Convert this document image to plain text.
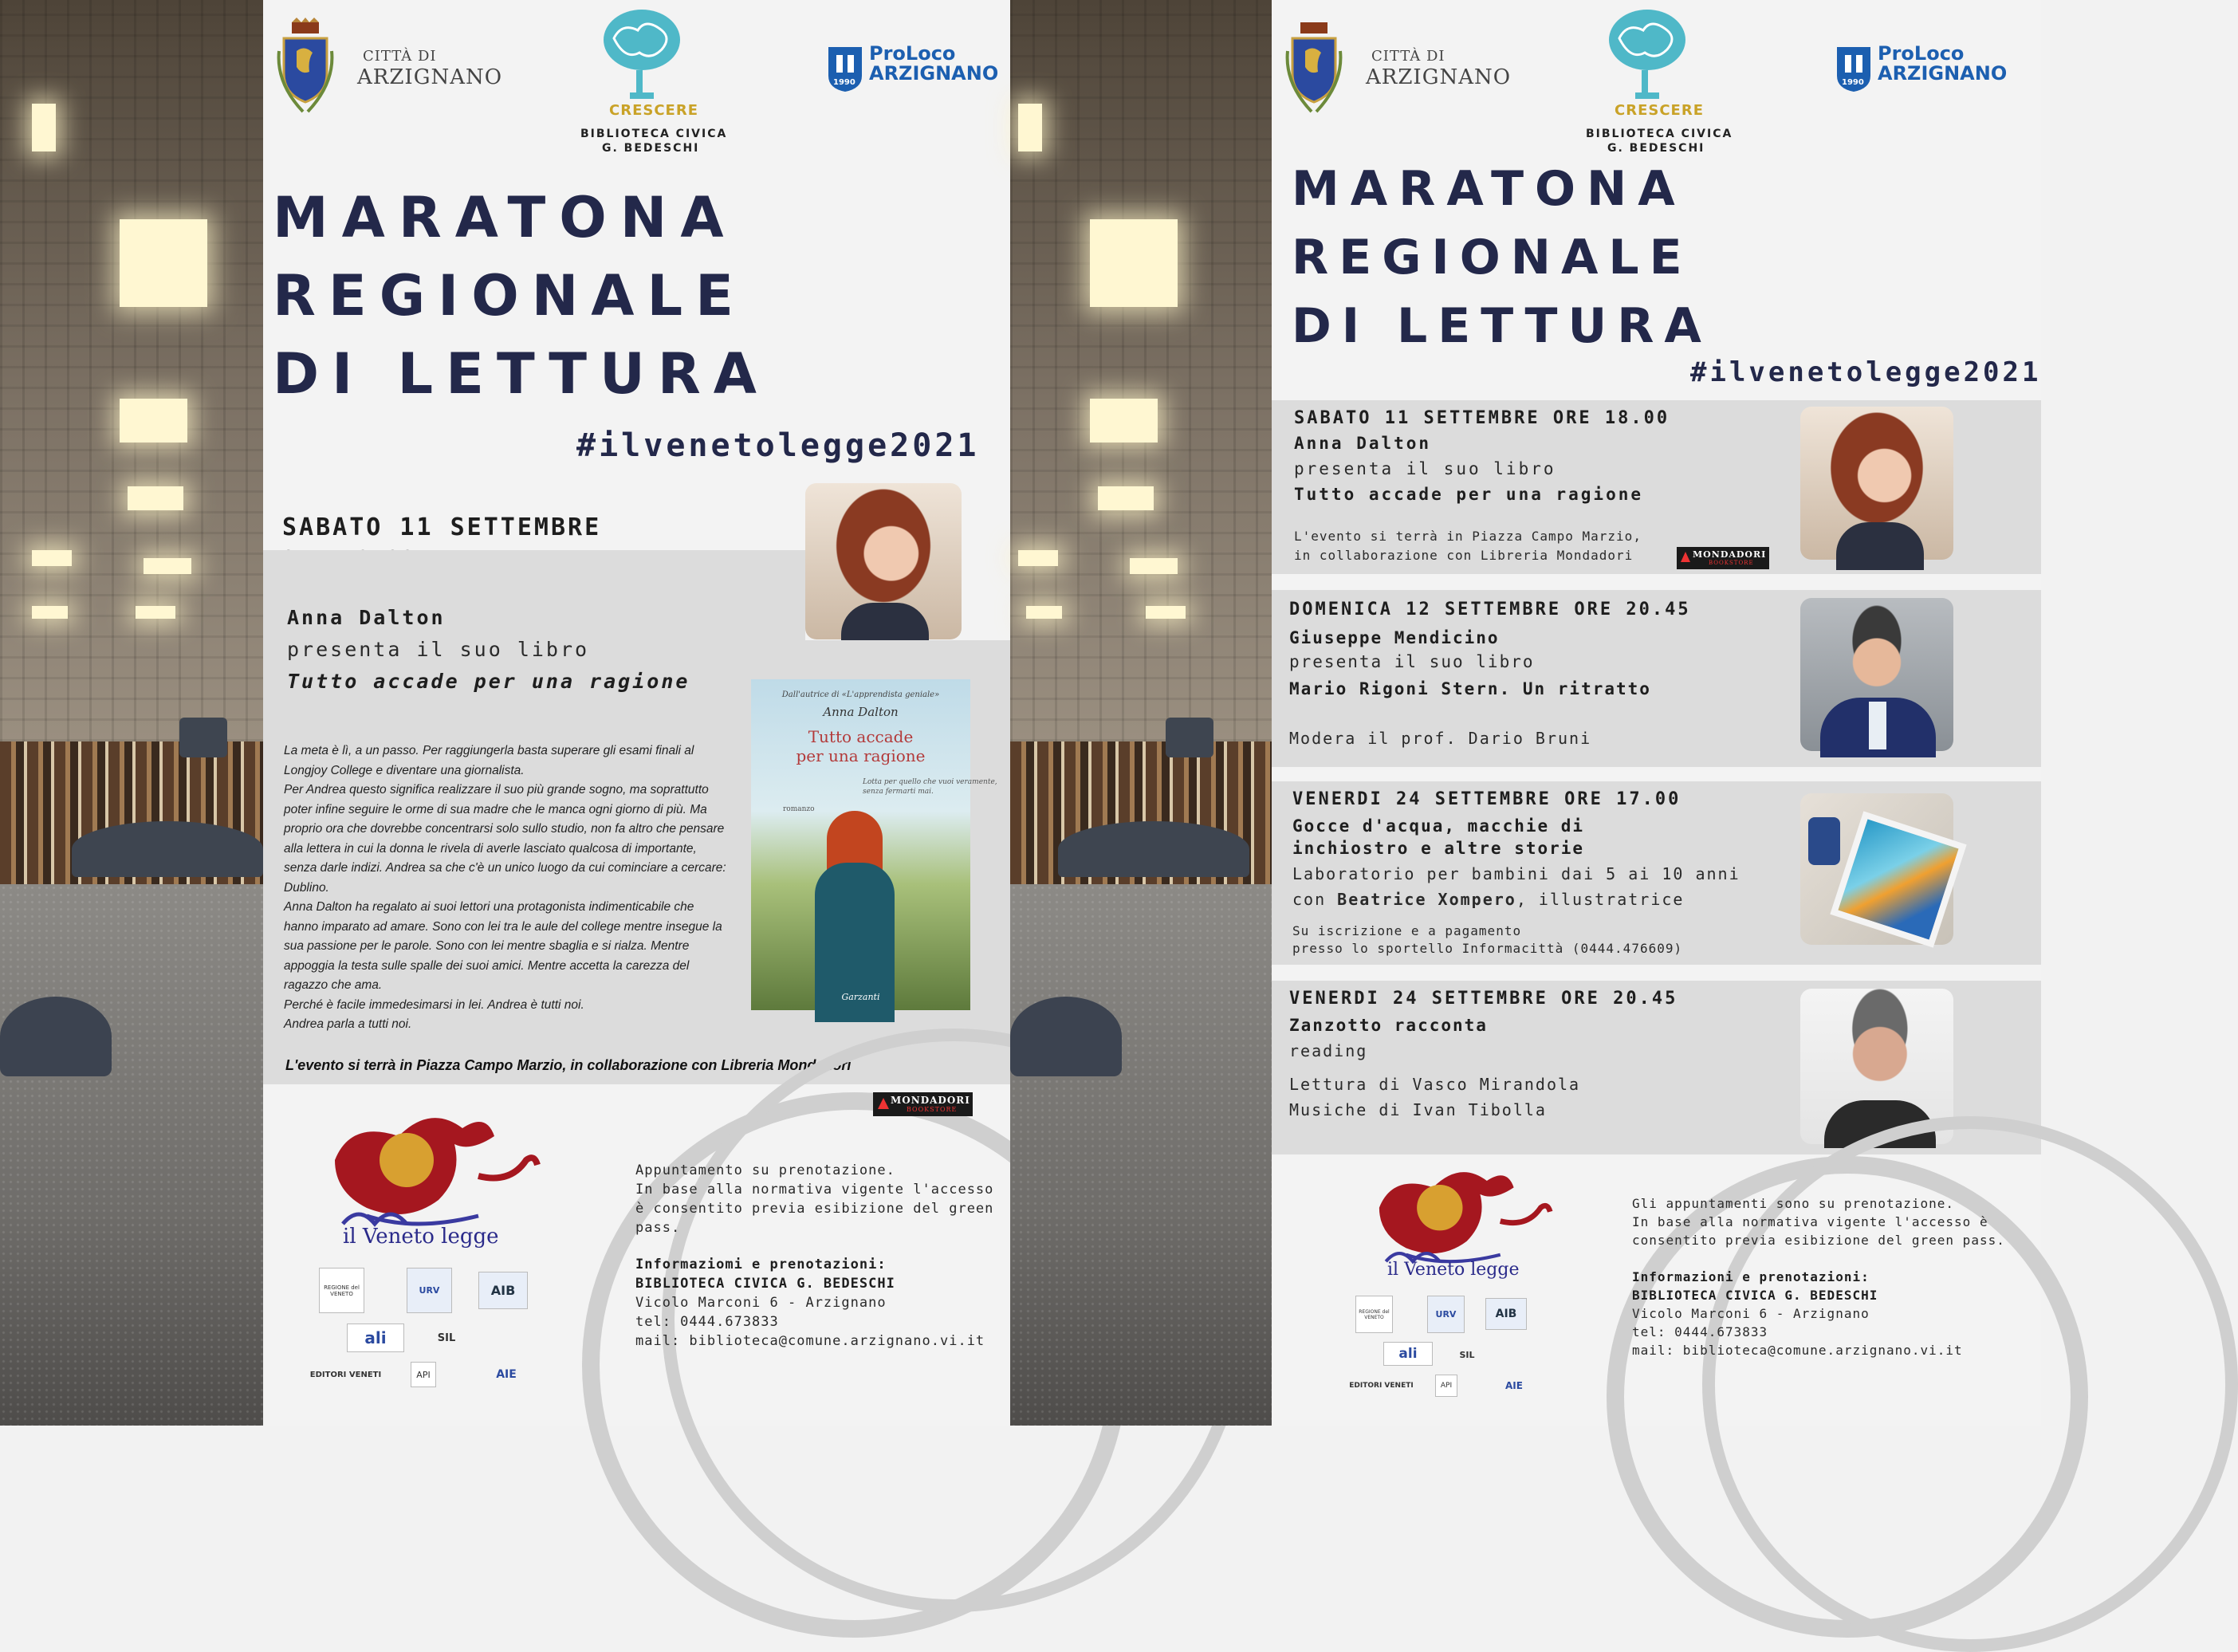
CITTÀ DI
ARZIGNANO
CRESCERE
BIBLIOTECA CIVICA
G. BEDESCHI
1990
ProLoco
ARZIGNANO
MARATONA
REGIONALE
DI LETTURA
#ilvenetolegge2021
SABATO 11 SETTEMBRE
Anna Dalton
presenta il suo libro
Tutto accade per una ragione
Dall'autrice di «L'apprendista geniale»
Anna Dalton
Tutto accade
per una ragione
Lotta per quello che vuoi veramente,
senza fermarti mai.
romanzo
Garzanti
La meta è lì, a un passo. Per raggiungerla basta superare gli esami finali al
Longjoy College e diventare una giornalista.
Per Andrea questo significa realizzare il suo più grande sogno, ma soprattutto
poter infine seguire le orme di sua madre che le manca ogni giorno di più. Ma
proprio ora che dovrebbe concentrarsi solo sullo studio, non fa altro che pensare
alla lettera in cui la donna le rivela di averle lasciato qualcosa di importante,
senza darle indizi. Andrea sa che c'è un unico luogo da cui cominciare a cercare:
Dublino.
Anna Dalton ha regalato ai suoi lettori una protagonista indimenticabile che
hanno imparato ad amare. Sono con lei tra le aule del college mentre insegue la
sua passione per le parole. Sono con lei mentre sbaglia e si rialza. Mentre
appoggia la testa sulle spalle dei suoi amici. Mentre accetta la carezza del
ragazzo che ama.
Perché è facile immedesimarsi in lei. Andrea è tutti noi.
Andrea parla a tutti noi.
L'evento si terrà in Piazza Campo Marzio, in collaborazione con Libreria Mondadori
MONDADORI
BOOKSTORE
il Veneto legge
REGIONE del VENETO	URV	AIB
ali	SIL
EDITORI VENETI	API	AIE
Appuntamento su prenotazione.
In base alla normativa vigente l'accesso
è consentito previa esibizione del green
pass.
Informaziomi e prenotazioni:
BIBLIOTECA CIVICA G. BEDESCHI
Vicolo Marconi 6 - Arzignano
tel: 0444.673833
mail: biblioteca@comune.arzignano.vi.it
CITTÀ DI
ARZIGNANO
CRESCERE
BIBLIOTECA CIVICA
G. BEDESCHI
1990
ProLoco
ARZIGNANO
MARATONA
REGIONALE
DI LETTURA
#ilvenetolegge2021
SABATO 11 SETTEMBRE ORE 18.00
Anna Dalton
presenta il suo libro
Tutto accade per una ragione
L'evento si terrà in Piazza Campo Marzio,
in collaborazione con Libreria Mondadori	MONDADORI
BOOKSTORE
DOMENICA 12 SETTEMBRE ORE 20.45
Giuseppe Mendicino
presenta il suo libro
Mario Rigoni Stern. Un ritratto
Modera il prof. Dario Bruni
VENERDI 24 SETTEMBRE ORE 17.00
Gocce d'acqua, macchie di
inchiostro e altre storie
Laboratorio per bambini dai 5 ai 10 anni
con Beatrice Xompero, illustratrice
Su iscrizione e a pagamento
presso lo sportello Informacittà (0444.476609)
VENERDI 24 SETTEMBRE ORE 20.45
Zanzotto racconta
reading
Lettura di Vasco Mirandola
Musiche di Ivan Tibolla
il Veneto legge
REGIONE del VENETO	URV	AIB
ali	SIL
EDITORI VENETI	API	AIE
Gli appuntamenti sono su prenotazione.
In base alla normativa vigente l'accesso è
consentito previa esibizione del green pass.
Informazioni e prenotazioni:
BIBLIOTECA CIVICA G. BEDESCHI
Vicolo Marconi 6 - Arzignano
tel: 0444.673833
mail: biblioteca@comune.arzignano.vi.it
